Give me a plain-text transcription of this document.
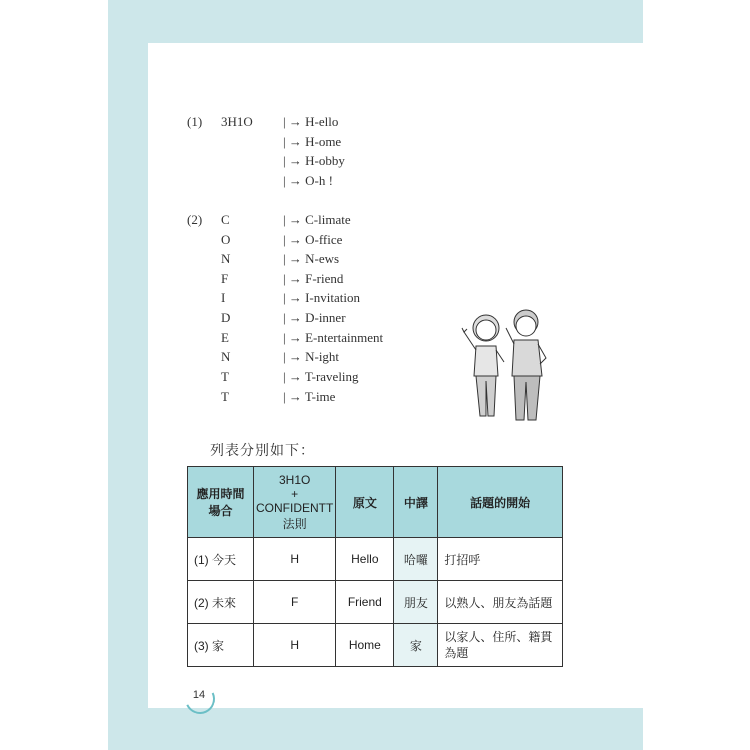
(1) 3H1O | → H-ello
| → H-ome
| → H-obby
| → O-h !
(2) C	| → C-limate
O	| → O-ffice
N	| → N-ews
F	| → F-riend
I	| → I-nvitation
D	| → D-inner
E	| → E-ntertainment
N	| → N-ight
T	| → T-raveling
T	| → T-ime
列表分別如下：
應用時間
場合	3H1O
+
CONFIDENTT
法則	原文	中譯	話題的開始
(1) 今天	H	Hello	哈囉	打招呼
(2) 未來	F	Friend	朋友	以熟人、朋友為話題
(3) 家	H	Home	家	以家人、住所、籍貫為題
14
